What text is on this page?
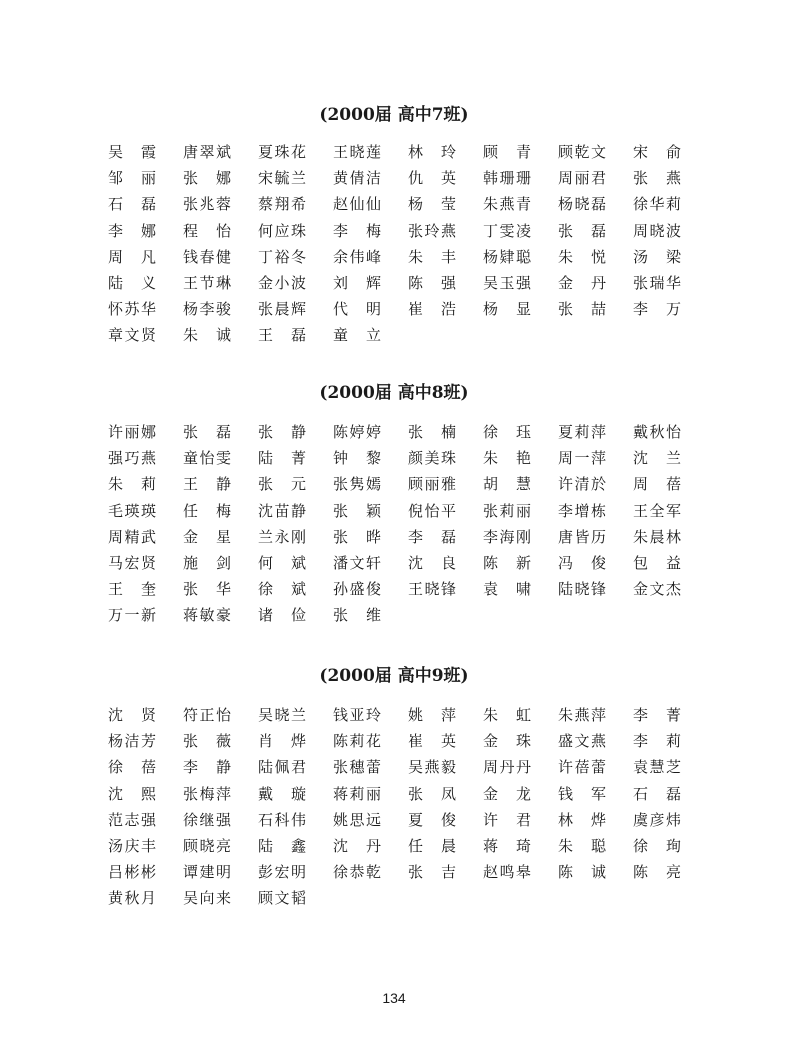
(2000届 高中7班)
吴 霞 唐翠斌 夏珠花 王晓莲 林 玲 顾 青 顾乾文 宋 俞
邹 丽 张 娜 宋毓兰 黄倩洁 仇 英 韩珊珊 周丽君 张 燕
石 磊 张兆蓉 蔡翔希 赵仙仙 杨 莹 朱燕青 杨晓磊 徐华莉
李 娜 程 怡 何应珠 李 梅 张玲燕 丁雯凌 张 磊 周晓波
周 凡 钱春健 丁裕冬 余伟峰 朱 丰 杨肄聪 朱 悦 汤 梁
陆 义 王节琳 金小波 刘 辉 陈 强 吴玉强 金 丹 张瑞华
怀苏华 杨李骏 张晨辉 代 明 崔 浩 杨 显 张 喆 李 万
章文贤 朱 诚 王 磊 童 立
(2000届 高中8班)
许丽娜 张 磊 张 静 陈婷婷 张 楠 徐 珏 夏莉萍 戴秋怡
强巧燕 童怡雯 陆 菁 钟 黎 颜美珠 朱 艳 周一萍 沈 兰
朱 莉 王 静 张 元 张隽嫣 顾丽雅 胡 慧 许清於 周 蓓
毛瑛瑛 任 梅 沈苗静 张 颖 倪怡平 张莉丽 李增栋 王全军
周精武 金 星 兰永刚 张 晔 李 磊 李海刚 唐皆历 朱晨林
马宏贤 施 剑 何 斌 潘文轩 沈 良 陈 新 冯 俊 包 益
王 奎 张 华 徐 斌 孙盛俊 王晓锋 袁 啸 陆晓锋 金文杰
万一新 蒋敏豪 诸 俭 张 维
(2000届 高中9班)
沈 贤 符正怡 吴晓兰 钱亚玲 姚 萍 朱 虹 朱燕萍 李 菁
杨洁芳 张 薇 肖 烨 陈莉花 崔 英 金 珠 盛文燕 李 莉
徐 蓓 李 静 陆佩君 张穗蕾 吴燕毅 周丹丹 许蓓蕾 袁慧芝
沈 熙 张梅萍 戴 璇 蒋莉丽 张 凤 金 龙 钱 军 石 磊
范志强 徐继强 石科伟 姚思远 夏 俊 许 君 林 烨 虞彦炜
汤庆丰 顾晓亮 陆 鑫 沈 丹 任 晨 蒋 琦 朱 聪 徐 珣
吕彬彬 谭建明 彭宏明 徐恭乾 张 吉 赵鸣皋 陈 诚 陈 亮
黄秋月 吴向来 顾文韬
134
